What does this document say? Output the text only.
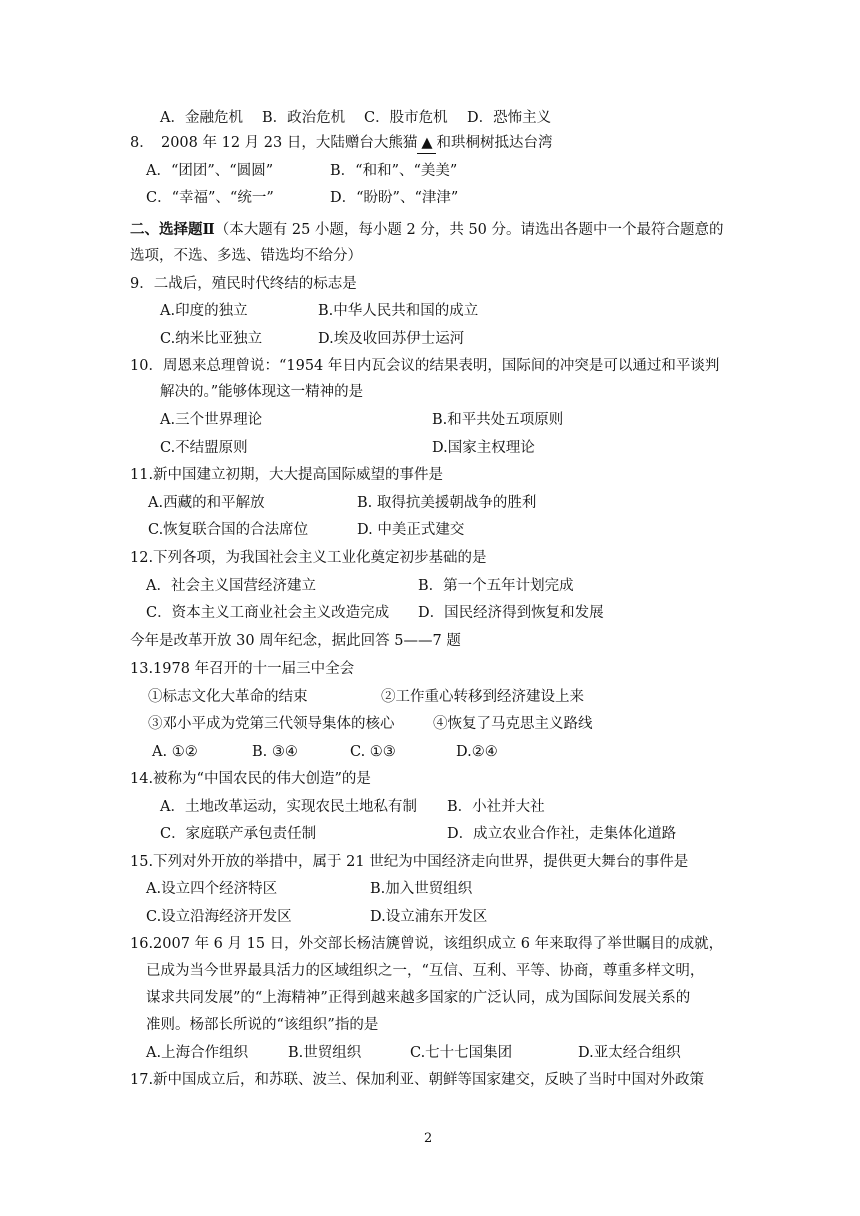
A．金融危机 B．政治危机 C．股市危机 D．恐怖主义
8．　2008 年 12 月 23 日，大陆赠台大熊猫 ▲ 和珙桐树抵达台湾
A．“团团”、“圆圆”	B．“和和”、“美美”
C．“幸福”、“统一”	D．“盼盼”、“津津”
二、选择题Ⅱ（本大题有 25 小题，每小题 2 分，共 50 分。请选出各题中一个最符合题意的
选项，不选、多选、错选均不给分）
9．二战后，殖民时代终结的标志是
A.印度的独立	B.中华人民共和国的成立
C.纳米比亚独立	D.埃及收回苏伊士运河
10．周恩来总理曾说：“1954 年日内瓦会议的结果表明，国际间的冲突是可以通过和平谈判
解决的。”能够体现这一精神的是
A.三个世界理论	B.和平共处五项原则
C.不结盟原则	D.国家主权理论
11.新中国建立初期，大大提高国际威望的事件是
A.西藏的和平解放	B. 取得抗美援朝战争的胜利
C.恢复联合国的合法席位	D. 中美正式建交
12.下列各项，为我国社会主义工业化奠定初步基础的是
A．社会主义国营经济建立	B．第一个五年计划完成
C．资本主义工商业社会主义改造完成 D．国民经济得到恢复和发展
今年是改革开放 30 周年纪念，据此回答 5——7 题
13.1978 年召开的十一届三中全会
①标志文化大革命的结束	②工作重心转移到经济建设上来
③邓小平成为党第三代领导集体的核心	④恢复了马克思主义路线
A. ①②	B. ③④	C. ①③	D.②④
14.被称为“中国农民的伟大创造”的是
A．土地改革运动，实现农民土地私有制 B．小社并大社
C．家庭联产承包责任制	D．成立农业合作社，走集体化道路
15.下列对外开放的举措中，属于 21 世纪为中国经济走向世界，提供更大舞台的事件是
A.设立四个经济特区	B.加入世贸组织
C.设立沿海经济开发区	D.设立浦东开发区
16.2007 年 6 月 15 日，外交部长杨洁篪曾说，该组织成立 6 年来取得了举世瞩目的成就，
已成为当今世界最具活力的区域组织之一，“互信、互利、平等、协商，尊重多样文明，
谋求共同发展”的“上海精神”正得到越来越多国家的广泛认同，成为国际间发展关系的
准则。杨部长所说的“该组织”指的是
A.上海合作组织	B.世贸组织	C.七十七国集团	D.亚太经合组织
17.新中国成立后，和苏联、波兰、保加利亚、朝鲜等国家建交，反映了当时中国对外政策
2
